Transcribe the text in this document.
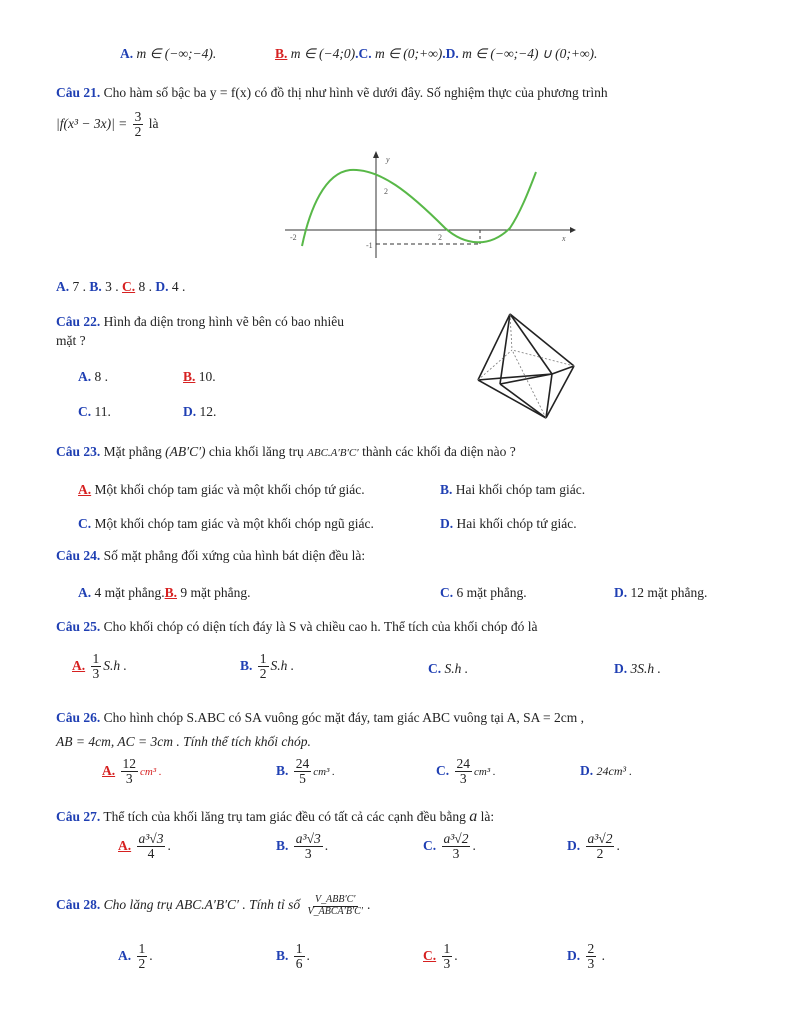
A. m ∈ (−∞;−4).	B. m ∈ (−4;0).C. m ∈ (0;+∞).D. m ∈ (−∞;−4) ∪ (0;+∞).
Câu 21. Cho hàm số bậc ba y = f(x) có đồ thị như hình vẽ dưới đây. Số nghiệm thực của phương trình
$|f(x^3 - 3x)| = \frac{3}{2}$ là
y
x
2
-1
-2	2
A. 7 . B. 3 . C. 8 . D. 4 .
Câu 22. Hình đa diện trong hình vẽ bên có bao nhiêu
mặt ?
A. 8 .	B. 10.
C. 11.	D. 12.
Câu 23. Mặt phẳng (AB′C′) chia khối lăng trụ ABC.A′B′C′ thành các khối đa diện nào ?
A. Một khối chóp tam giác và một khối chóp tứ giác.	B. Hai khối chóp tam giác.
C. Một khối chóp tam giác và một khối chóp ngũ giác.	D. Hai khối chóp tứ giác.
Câu 24. Số mặt phẳng đối xứng của hình bát diện đều là:
A. 4 mặt phẳng.B. 9 mặt phẳng.	C. 6 mặt phẳng.	D. 12 mặt phẳng.
Câu 25. Cho khối chóp có diện tích đáy là S và chiều cao h. Thể tích của khối chóp đó là
A. $\frac{1}{3} S.h$ .	B. $\frac{1}{2} S.h$ .	C. S.h .	D. 3S.h .
Câu 26. Cho hình chóp S.ABC có SA vuông góc mặt đáy, tam giác ABC vuông tại A, SA = 2cm ,
AB = 4cm, AC = 3cm . Tính thể tích khối chóp.
A. $\frac{12}{3} cm^3$ .	B. $\frac{24}{5} cm^3$ .	C. $\frac{24}{3} cm^3$ .	D. 24cm³ .
Câu 27. Thể tích của khối lăng trụ tam giác đều có tất cả các cạnh đều bằng a là:
A. $\frac{\text{a³√3}}{4}$ .	B. $\frac{\text{a³√3}}{3}$ .	C. $\frac{\text{a³√2}}{3}$ .	D. $\frac{\text{a³√2}}{2}$ .
Câu 28. Cho lăng trụ ABC.A′B′C′ . Tính tỉ số $\frac{\text{V\_ABB′C′}}{\text{V\_ABCA′B′C′}}$ .
A. $\frac{1}{2}$ .	B. $\frac{1}{6}$ .	C. $\frac{1}{3}$ .	D. $\frac{2}{3}$ .
